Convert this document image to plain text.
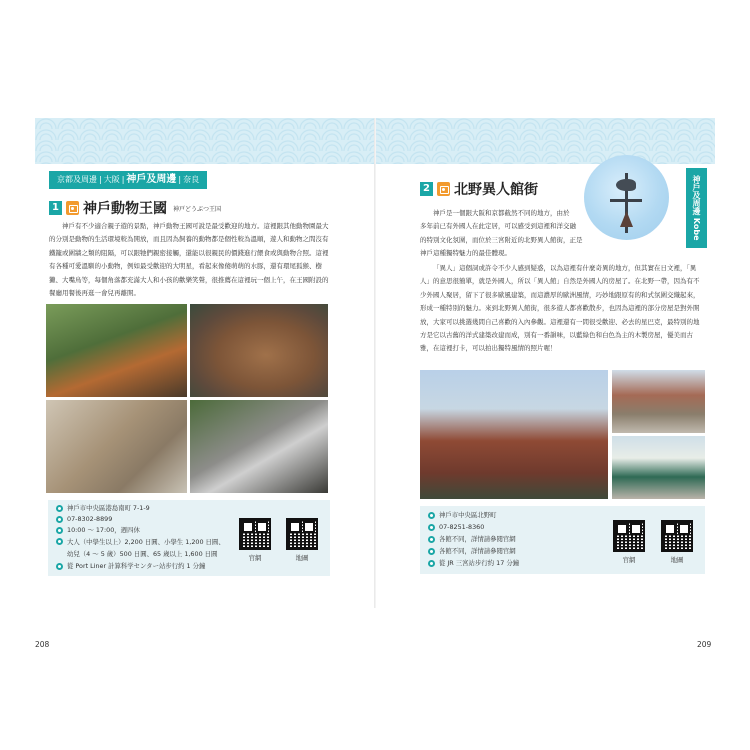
京都及周邊 | 大阪 | 神戶及周邊 | 奈良
1 神戶動物王國 神戸どうぶつ王国

神戶有不少適合親子遊的景點，神戶動物王國可說是最受歡迎的地方。這裡跟其他動物園最大的分別是動物的生活環境較為開放，而且因為飼養的動物都是個性較為溫順，遊人和動物之間沒有鐵籠或圍牆之類的阻隔，可以跟牠們親密接觸，還能以很親民的價錢進行餵食或與動物合照。這裡有各種可愛溫馴的小動物，例如最受歡迎的大明星，看起來像傻萌萌的水豚，還有環尾狐猴、樹獺、大嘴鳥等，每個角落都充滿大人和小孩的歡樂笑聲，很推薦在這裡玩一個上午，在王國附設的餐廳用餐後再逛一會兒再離開。

神戶市中央區港島南町 7-1-9
07-8302-8899
10:00 ～ 17:00，週四休
大人（中學生以上）2,200 日圓、小學生 1,200 日圓、
幼兒（4 ～ 5 歲）500 日圓、65 歲以上 1,600 日圓
從 Port Liner 計算科学センター站步行約 1 分鐘
官網	地圖
208
2 北野異人館街
神戶是一個跟大阪和京都截然不同的地方，由於
多年前已有外國人在此定居，可以感受到這裡和洋交融
的特別文化氛圍，而位於三宮附近的北野異人館街，正是
神戶這種獨特魅力的最佳體現。

「異人」這個詞或許令不少人感到疑惑，以為這裡有什麼奇異的地方，但其實在日文裡，「異人」的意思很簡單，就是外國人，所以「異人館」自然是外國人的房屋了。在北野一帶，因為有不少外國人聚居，留下了很多歐風建築，而這濃厚的歐洲風情，巧妙地跟原有的和式氛圍交織起來，形成一種特別的魅力。來到北野異人館街，很多遊人都喜歡散步，也因為這裡的部分房屋是對外開放，大家可以挑選幾間自己喜歡的入內參觀。這裡還有一間很受歡迎、必去的星巴克，最特別的地方是它以古舊的洋式建築改建而成，別有一番韻味，以藍綠色和白色為主的木製房屋，優美而古雅，在這裡打卡，可以拍出獨特風情的照片喔！

神戶市中央區北野町
07-8251-8360
各館不同，詳情請參閱官網
各館不同，詳情請參閱官網
從 JR 三宮站步行約 17 分鐘	官網	地圖
209
神戶及周邊 Kobe
